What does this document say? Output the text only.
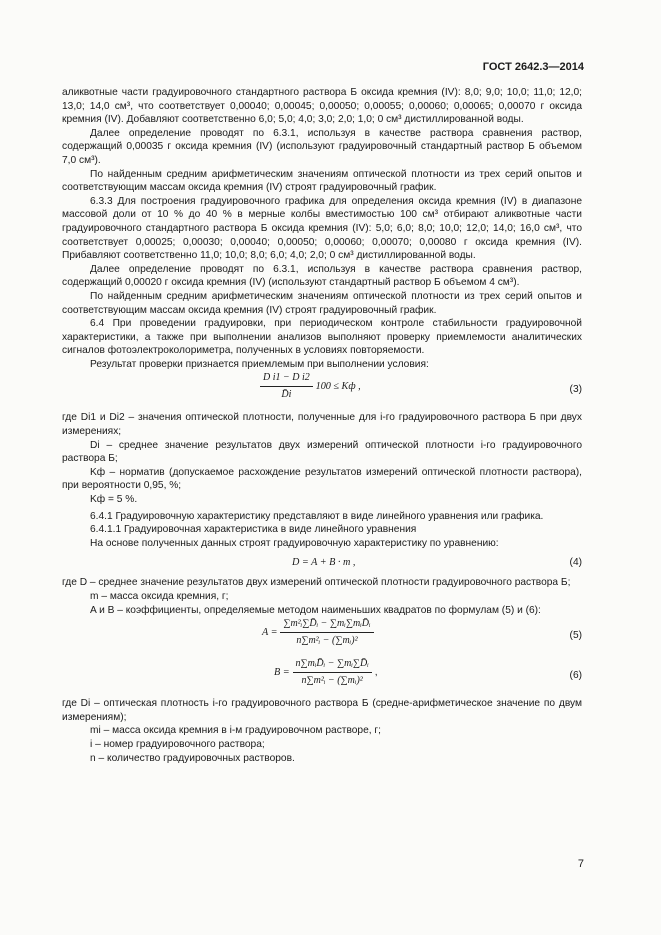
ГОСТ 2642.3—2014

аликвотные части градуировочного стандартного раствора Б оксида кремния (IV): 8,0; 9,0; 10,0; 11,0; 12,0; 13,0; 14,0 см³, что соответствует 0,00040; 0,00045; 0,00050; 0,00055; 0,00060; 0,00065; 0,00070 г оксида кремния (IV). Добавляют соответственно 6,0; 5,0; 4,0; 3,0; 2,0; 1,0; 0 см³ дистиллированной воды.

Далее определение проводят по 6.3.1, используя в качестве раствора сравнения раствор, содержащий 0,00035 г оксида кремния (IV) (используют градуировочный стандартный раствор Б объемом 7,0 см³).

По найденным средним арифметическим значениям оптической плотности из трех серий опытов и соответствующим массам оксида кремния (IV) строят градуировочный график.

6.3.3 Для построения градуировочного графика для определения оксида кремния (IV) в диапазоне массовой доли от 10 % до 40 % в мерные колбы вместимостью 100 см³ отбирают аликвотные части градуировочного стандартного раствора Б оксида кремния (IV): 5,0; 6,0; 8,0; 10,0; 12,0; 14,0; 16,0 см³, что соответствует 0,00025; 0,00030; 0,00040; 0,00050; 0,00060; 0,00070; 0,00080 г оксида кремния (IV). Прибавляют соответственно 11,0; 10,0; 8,0; 6,0; 4,0; 2,0; 0 см³ дистиллированной воды.

Далее определение проводят по 6.3.1, используя в качестве раствора сравнения раствор, содержащий 0,00020 г оксида кремния (IV) (используют стандартный раствор Б объемом 4 см³).

По найденным средним арифметическим значениям оптической плотности из трех серий опытов и соответствующим массам оксида кремния (IV) строят градуировочный график.

6.4 При проведении градуировки, при периодическом контроле стабильности градуировочной характеристики, а также при выполнении анализов выполняют проверку приемлемости аналитических сигналов фотоэлектроколориметра, полученных в условиях повторяемости.

Результат проверки признается приемлемым при выполнении условия:

$\frac{\text{D i1 − D i2}}{D̄i} 100$ ≤ Kф ,	(3)

где Di1 и Di2 – значения оптической плотности, полученные для i-го градуировочного раствора Б при двух измерениях;

Di – среднее значение результатов двух измерений оптической плотности i-го градуировочного раствора Б;

Kф – норматив (допускаемое расхождение результатов измерений оптической плотности раствора), при вероятности 0,95, %;

Kф = 5 %.

6.4.1 Градуировочную характеристику представляют в виде линейного уравнения или графика.

6.4.1.1 Градуировочная характеристика в виде линейного уравнения

На основе полученных данных строят градуировочную характеристику по уравнению:

D = A + B · m ,	(4)

где D – среднее значение результатов двух измерений оптической плотности градуировочного раствора Б;

m – масса оксида кремния, г;

A и B – коэффициенты, определяемые методом наименьших квадратов по формулам (5) и (6):

$A = \frac{\text{∑m²ᵢ∑D̄ᵢ − ∑mᵢ∑mᵢD̄ᵢ}}{\text{n∑m²ᵢ − (∑mᵢ)²}}$	(5)
$B = \frac{\text{n∑mᵢD̄ᵢ − ∑mᵢ∑D̄ᵢ}}{\text{n∑m²ᵢ − (∑mᵢ)²}}$ ,	(6)

где Di – оптическая плотность i-го градуировочного раствора Б (средне-арифметическое значение по двум измерениям);

mi – масса оксида кремния в i-м градуировочном растворе, г;

i – номер градуировочного раствора;

n – количество градуировочных растворов.

7
